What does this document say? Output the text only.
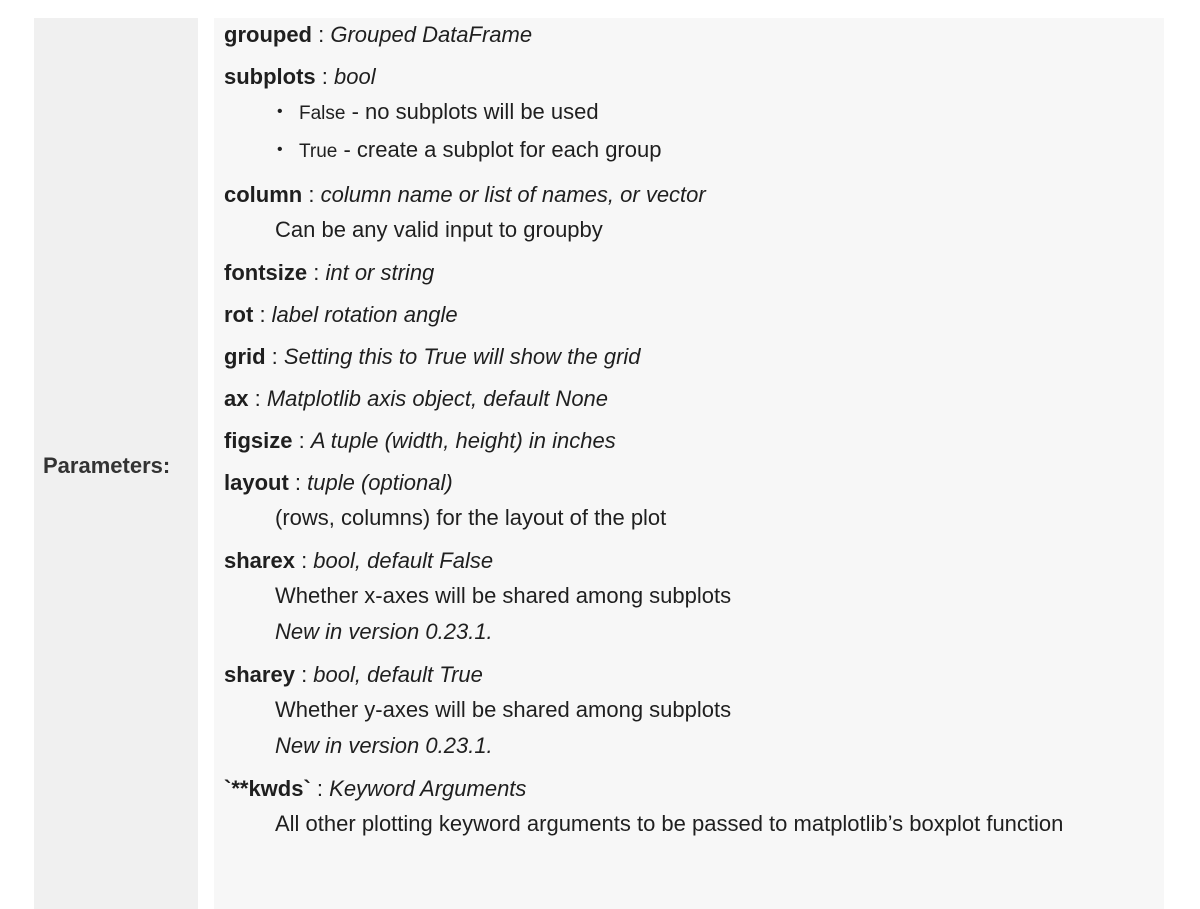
Parameters:
grouped : Grouped DataFrame
subplots : bool
• False - no subplots will be used
• True - create a subplot for each group
column : column name or list of names, or vector
Can be any valid input to groupby
fontsize : int or string
rot : label rotation angle
grid : Setting this to True will show the grid
ax : Matplotlib axis object, default None
figsize : A tuple (width, height) in inches
layout : tuple (optional)
(rows, columns) for the layout of the plot
sharex : bool, default False
Whether x-axes will be shared among subplots
New in version 0.23.1.
sharey : bool, default True
Whether y-axes will be shared among subplots
New in version 0.23.1.
`**kwds` : Keyword Arguments
All other plotting keyword arguments to be passed to matplotlib’s boxplot function
